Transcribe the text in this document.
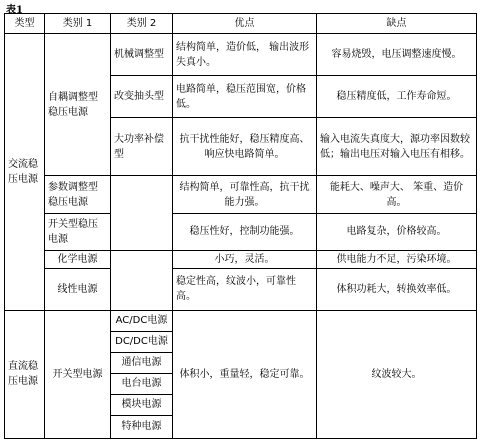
表1
类型	类别 1	类别 2	优点	缺点
交流稳压电源	自耦调整型稳压电源	机械调整型	结构简单，造价低， 输出波形失真小。	容易烧毁，电压调整速度慢。
		改变抽头型	电路简单，稳压范围宽，价格低。	稳压精度低，工作寿命短。
		大功率补偿型	抗干扰性能好，稳压精度高、响应快电路简单。	输入电流失真度大，源功率因数较低；输出电压对输入电压有相移。
	参数调整型稳压电源		结构简单，可靠性高，抗干扰能力强。	能耗大、噪声大、 笨重、造价高。
	开关型稳压电源		稳压性好，控制功能强。	电路复杂，价格较高。
	化学电源		小巧，灵活。	供电能力不足，污染环境。
	线性电源		稳定性高，纹波小，可靠性高。	体积功耗大，转换效率低。
直流稳压电源	开关型电源	AC/DC电源	体积小，重量轻，稳定可靠。	纹波较大。
		DC/DC电源		
		通信电源		
		电台电源		
		模块电源		
		特种电源		
